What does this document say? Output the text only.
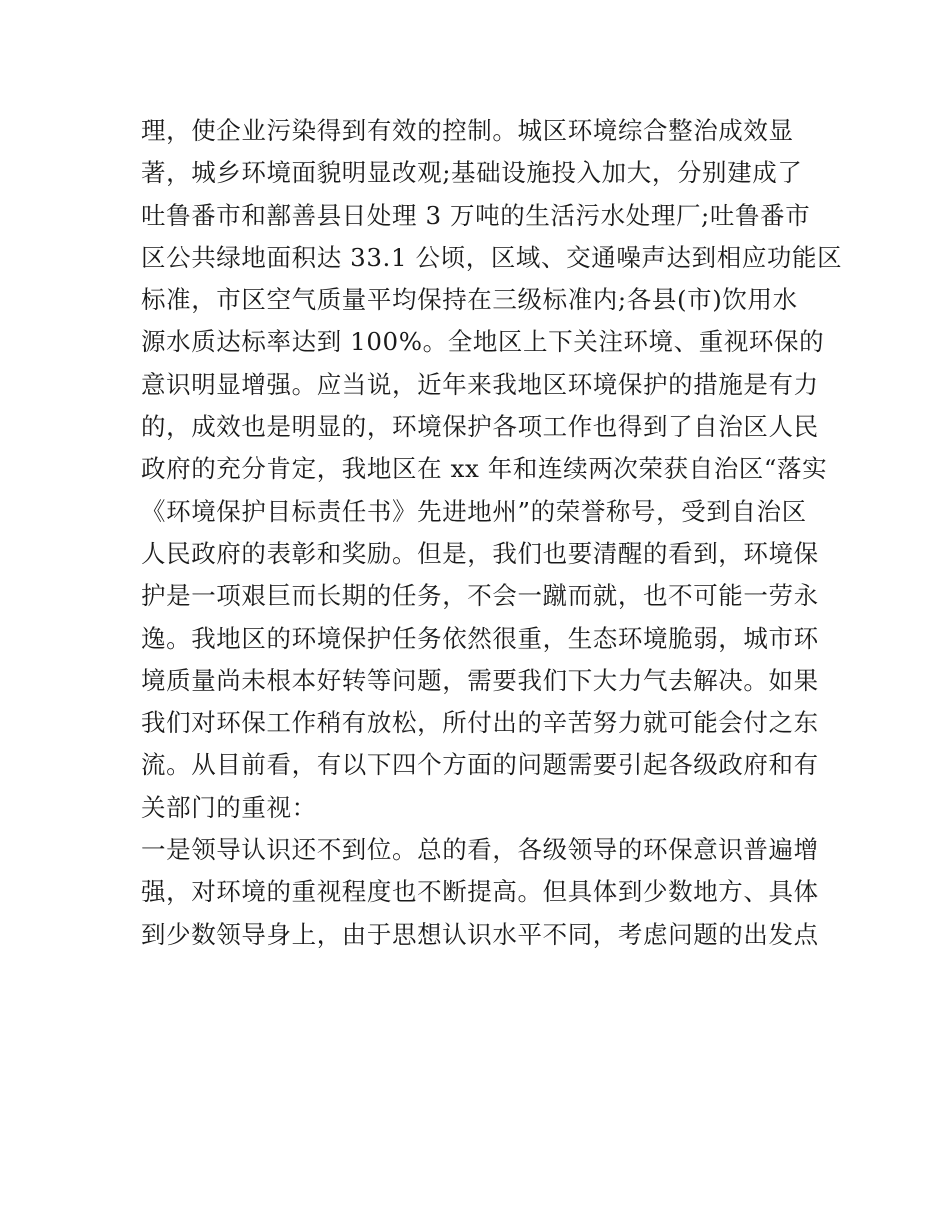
理，使企业污染得到有效的控制。城区环境综合整治成效显
著，城乡环境面貌明显改观;基础设施投入加大，分别建成了
吐鲁番市和鄯善县日处理 3 万吨的生活污水处理厂;吐鲁番市
区公共绿地面积达 33.1 公顷，区域、交通噪声达到相应功能区
标准，市区空气质量平均保持在三级标准内;各县(市)饮用水
源水质达标率达到 100%。全地区上下关注环境、重视环保的
意识明显增强。应当说，近年来我地区环境保护的措施是有力
的，成效也是明显的，环境保护各项工作也得到了自治区人民
政府的充分肯定，我地区在 xx 年和连续两次荣获自治区“落实
《环境保护目标责任书》先进地州”的荣誉称号，受到自治区
人民政府的表彰和奖励。但是，我们也要清醒的看到，环境保
护是一项艰巨而长期的任务，不会一蹴而就，也不可能一劳永
逸。我地区的环境保护任务依然很重，生态环境脆弱，城市环
境质量尚未根本好转等问题，需要我们下大力气去解决。如果
我们对环保工作稍有放松，所付出的辛苦努力就可能会付之东
流。从目前看，有以下四个方面的问题需要引起各级政府和有
关部门的重视：
一是领导认识还不到位。总的看，各级领导的环保意识普遍增
强，对环境的重视程度也不断提高。但具体到少数地方、具体
到少数领导身上，由于思想认识水平不同，考虑问题的出发点
